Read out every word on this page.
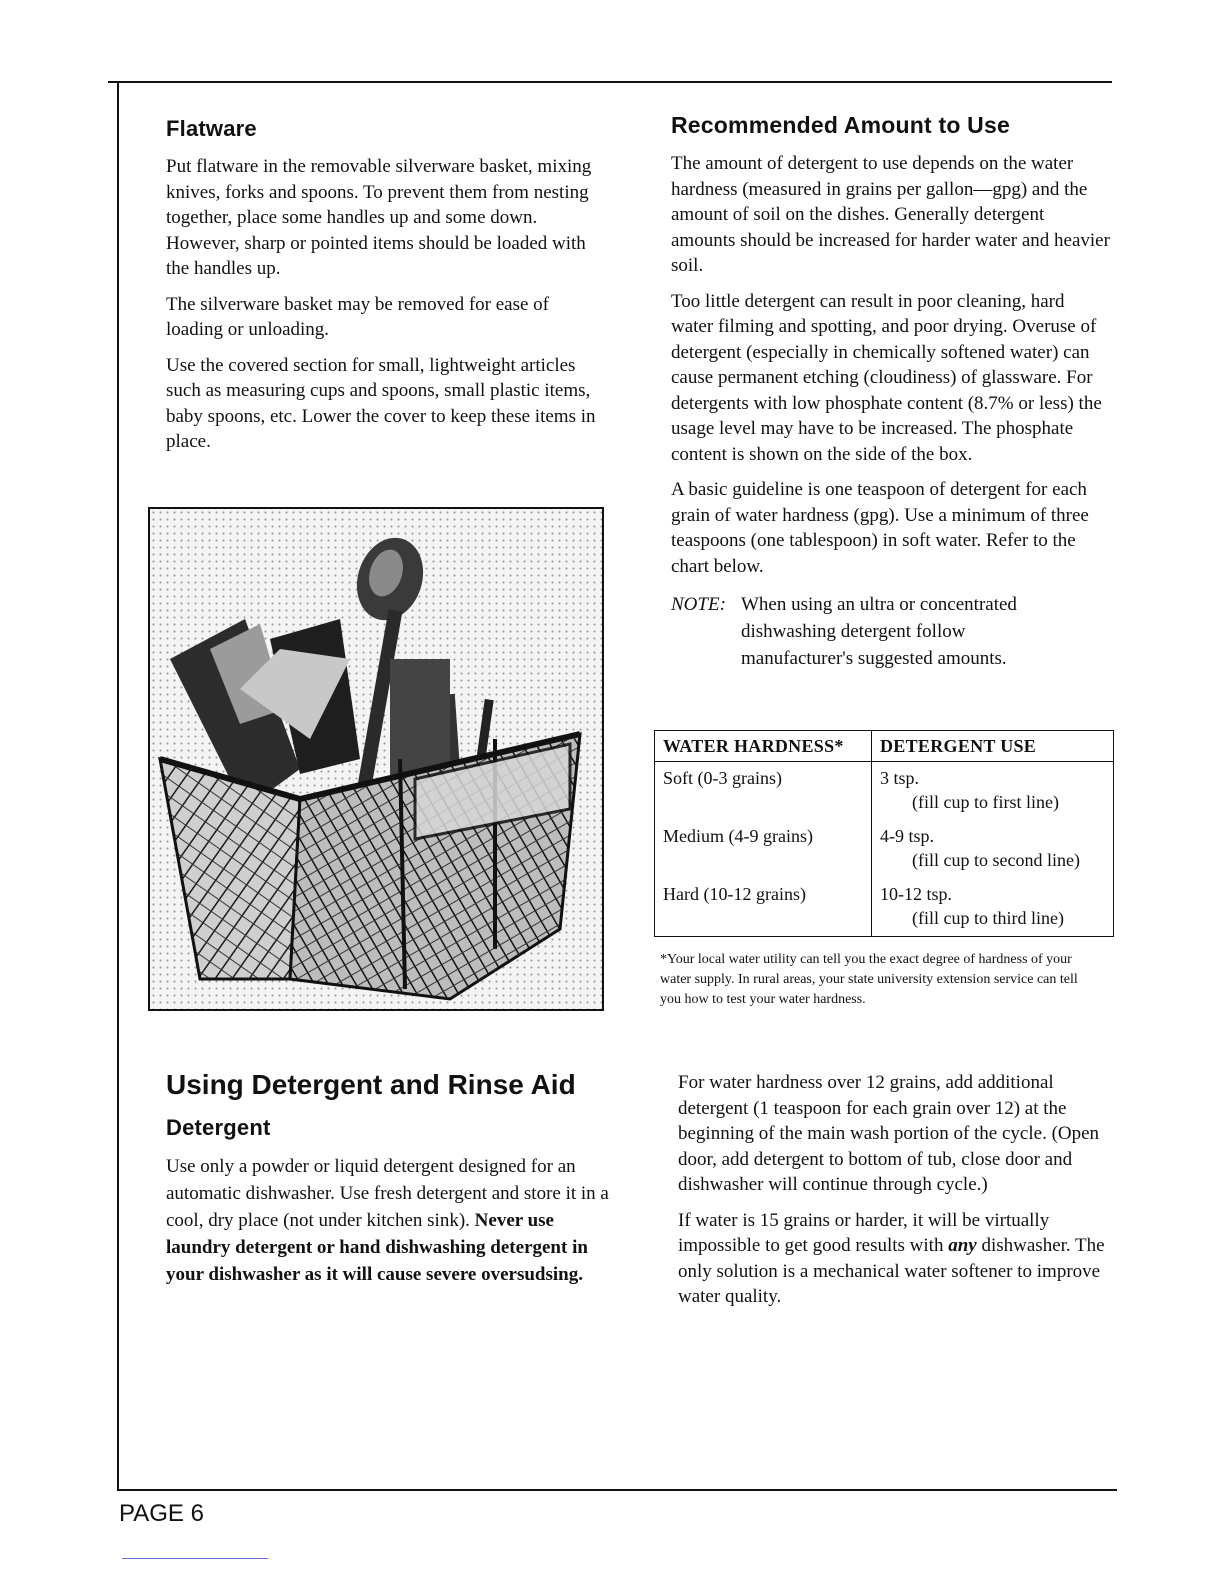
Flatware

Put flatware in the removable silverware basket, mixing knives, forks and spoons. To prevent them from nesting together, place some handles up and some down. However, sharp or pointed items should be loaded with the handles up.

The silverware basket may be removed for ease of loading or unloading.

Use the covered section for small, lightweight articles such as measuring cups and spoons, small plastic items, baby spoons, etc. Lower the cover to keep these items in place.

Using Detergent and Rinse Aid
Detergent

Use only a powder or liquid detergent designed for an automatic dishwasher. Use fresh detergent and store it in a cool, dry place (not under kitchen sink). Never use laundry detergent or hand dishwashing detergent in your dishwasher as it will cause severe oversudsing.

Recommended Amount to Use

The amount of detergent to use depends on the water hardness (measured in grains per gallon—gpg) and the amount of soil on the dishes. Generally detergent amounts should be increased for harder water and heavier soil.

Too little detergent can result in poor cleaning, hard water filming and spotting, and poor drying. Overuse of detergent (especially in chemically softened water) can cause permanent etching (cloudiness) of glassware. For detergents with low phosphate content (8.7% or less) the usage level may have to be increased. The phosphate content is shown on the side of the box.

A basic guideline is one teaspoon of detergent for each grain of water hardness (gpg). Use a minimum of three teaspoons (one tablespoon) in soft water. Refer to the chart below.

NOTE: When using an ultra or concentrated dishwashing detergent follow manufacturer's suggested amounts.
WATER HARDNESS*	DETERGENT USE
Soft (0-3 grains)	3 tsp.
(fill cup to first line)

Medium (4-9 grains)	4-9 tsp.
(fill cup to second line)

Hard (10-12 grains)	10-12 tsp.
(fill cup to third line)
*Your local water utility can tell you the exact degree of hardness of your water supply. In rural areas, your state university extension service can tell you how to test your water hardness.

For water hardness over 12 grains, add additional detergent (1 teaspoon for each grain over 12) at the beginning of the main wash portion of the cycle. (Open door, add detergent to bottom of tub, close door and dishwasher will continue through cycle.)

If water is 15 grains or harder, it will be virtually impossible to get good results with any dishwasher. The only solution is a mechanical water softener to improve water quality.

PAGE 6
